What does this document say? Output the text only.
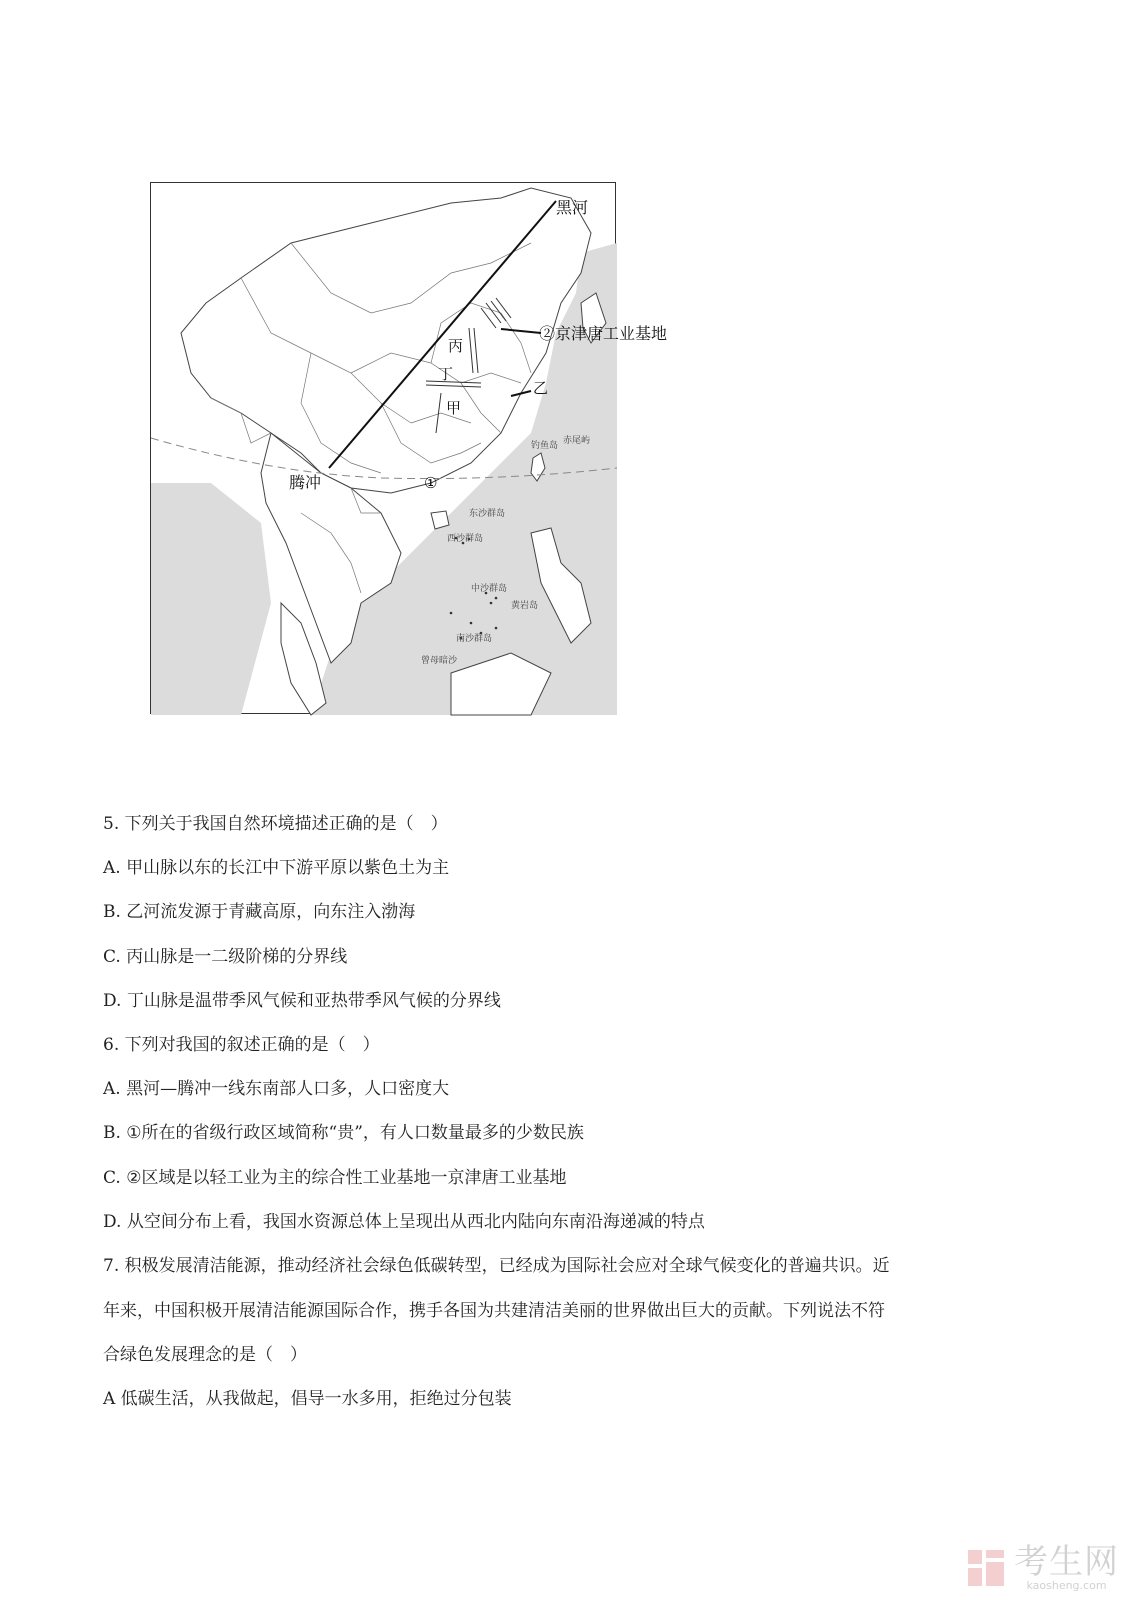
黑河
腾冲
②京津唐工业基地
丙
丁
甲
乙
①
钓鱼岛 赤尾屿
东沙群岛
西沙群岛
中沙群岛
黄岩岛
南沙群岛
曾母暗沙
5. 下列关于我国自然环境描述正确的是（　）
A. 甲山脉以东的长江中下游平原以紫色土为主
B. 乙河流发源于青藏高原，向东注入渤海
C. 丙山脉是一二级阶梯的分界线
D. 丁山脉是温带季风气候和亚热带季风气候的分界线
6. 下列对我国的叙述正确的是（　）
A. 黑河—腾冲一线东南部人口多，人口密度大
B. ①所在的省级行政区域简称“贵”，有人口数量最多的少数民族
C. ②区域是以轻工业为主的综合性工业基地一京津唐工业基地
D. 从空间分布上看，我国水资源总体上呈现出从西北内陆向东南沿海递减的特点
7. 积极发展清洁能源，推动经济社会绿色低碳转型，已经成为国际社会应对全球气候变化的普遍共识。近
年来，中国积极开展清洁能源国际合作，携手各国为共建清洁美丽的世界做出巨大的贡献。下列说法不符
合绿色发展理念的是（　）
A 低碳生活，从我做起，倡导一水多用，拒绝过分包装
考生网
kaosheng.com
